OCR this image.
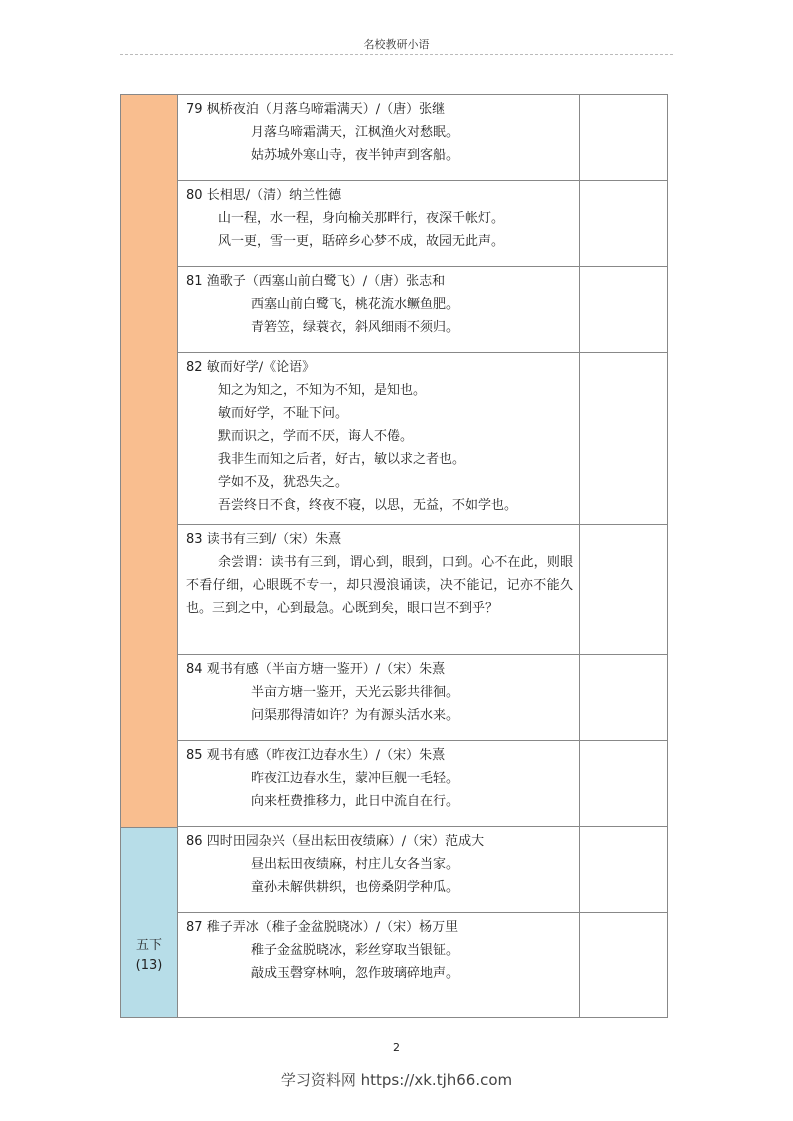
名校教研小语
五下
(13)
79 枫桥夜泊（月落乌啼霜满天）/（唐）张继
月落乌啼霜满天，江枫渔火对愁眠。
姑苏城外寒山寺，夜半钟声到客船。
80 长相思/（清）纳兰性德
山一程，水一程，身向榆关那畔行，夜深千帐灯。
风一更，雪一更，聒碎乡心梦不成，故园无此声。
81 渔歌子（西塞山前白鹭飞）/（唐）张志和
西塞山前白鹭飞，桃花流水鳜鱼肥。
青箬笠，绿蓑衣，斜风细雨不须归。
82 敏而好学/《论语》
知之为知之，不知为不知，是知也。
敏而好学，不耻下问。
默而识之，学而不厌，诲人不倦。
我非生而知之后者，好古，敏以求之者也。
学如不及，犹恐失之。
吾尝终日不食，终夜不寝，以思，无益，不如学也。
83 读书有三到/（宋）朱熹
余尝谓：读书有三到，谓心到，眼到，口到。心不在此，则眼不看仔细，心眼既不专一，却只漫浪诵读，决不能记，记亦不能久也。三到之中，心到最急。心既到矣，眼口岂不到乎？
84 观书有感（半亩方塘一鉴开）/（宋）朱熹
半亩方塘一鉴开，天光云影共徘徊。
问渠那得清如许？为有源头活水来。
85 观书有感（昨夜江边春水生）/（宋）朱熹
昨夜江边春水生，蒙冲巨舰一毛轻。
向来枉费推移力，此日中流自在行。
86 四时田园杂兴（昼出耘田夜绩麻）/（宋）范成大
昼出耘田夜绩麻，村庄儿女各当家。
童孙未解供耕织，也傍桑阴学种瓜。
87 稚子弄冰（稚子金盆脱晓冰）/（宋）杨万里
稚子金盆脱晓冰，彩丝穿取当银钲。
敲成玉磬穿林响，忽作玻璃碎地声。
2
学习资料网 https://xk.tjh66.com
